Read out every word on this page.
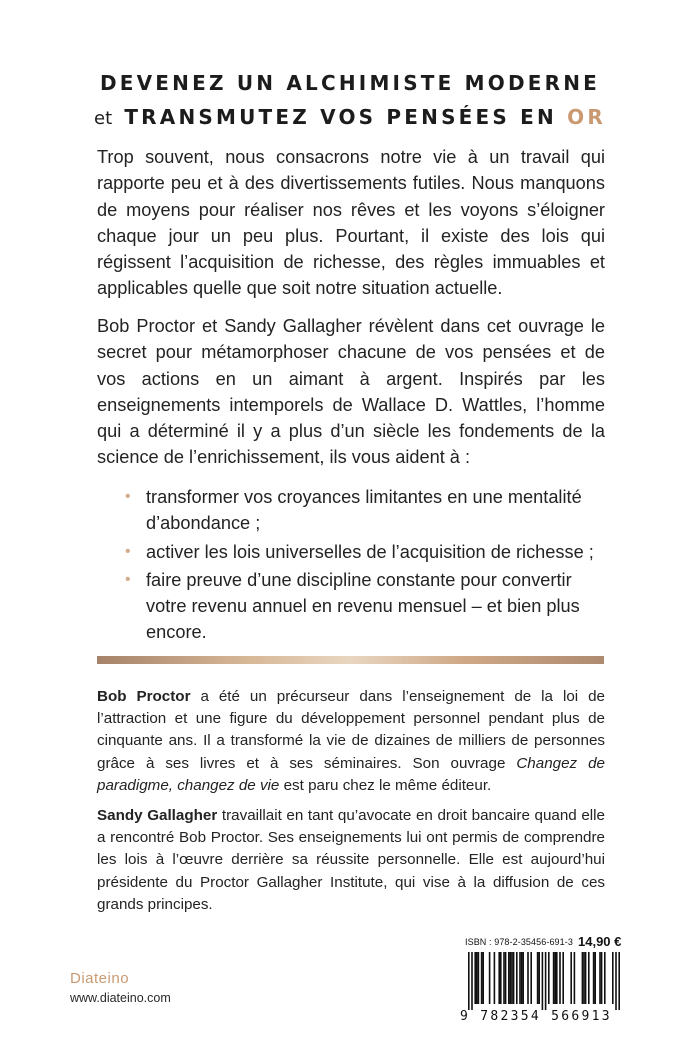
DEVENEZ UN ALCHIMISTE MODERNE
et TRANSMUTEZ VOS PENSÉES EN OR

Trop souvent, nous consacrons notre vie à un travail qui rapporte peu et à des divertissements futiles. Nous manquons de moyens pour réaliser nos rêves et les voyons s’éloigner chaque jour un peu plus. Pourtant, il existe des lois qui régissent l’acquisition de richesse, des règles immuables et applicables quelle que soit notre situation actuelle.

Bob Proctor et Sandy Gallagher révèlent dans cet ouvrage le secret pour métamorphoser chacune de vos pensées et de vos actions en un aimant à argent. Inspirés par les enseignements intemporels de Wallace D. Wattles, l’homme qui a déterminé il y a plus d’un siècle les fondements de la science de l’enrichissement, ils vous aident à :

• transformer vos croyances limitantes en une mentalité d’abondance ;
• activer les lois universelles de l’acquisition de richesse ;
• faire preuve d’une discipline constante pour convertir votre revenu annuel en revenu mensuel – et bien plus encore.

Bob Proctor a été un précurseur dans l’enseignement de la loi de l’attraction et une figure du développement personnel pendant plus de cinquante ans. Il a transformé la vie de dizaines de milliers de personnes grâce à ses livres et à ses séminaires. Son ouvrage Changez de paradigme, changez de vie est paru chez le même éditeur.

Sandy Gallagher travaillait en tant qu’avocate en droit bancaire quand elle a rencontré Bob Proctor. Ses enseignements lui ont permis de comprendre les lois à l’œuvre derrière sa réussite personnelle. Elle est aujourd’hui présidente du Proctor Gallagher Institute, qui vise à la diffusion de ces grands principes.

Diateino
www.diateino.com
ISBN : 978-2-35456-691-3 14,90 €
9 782354 566913
